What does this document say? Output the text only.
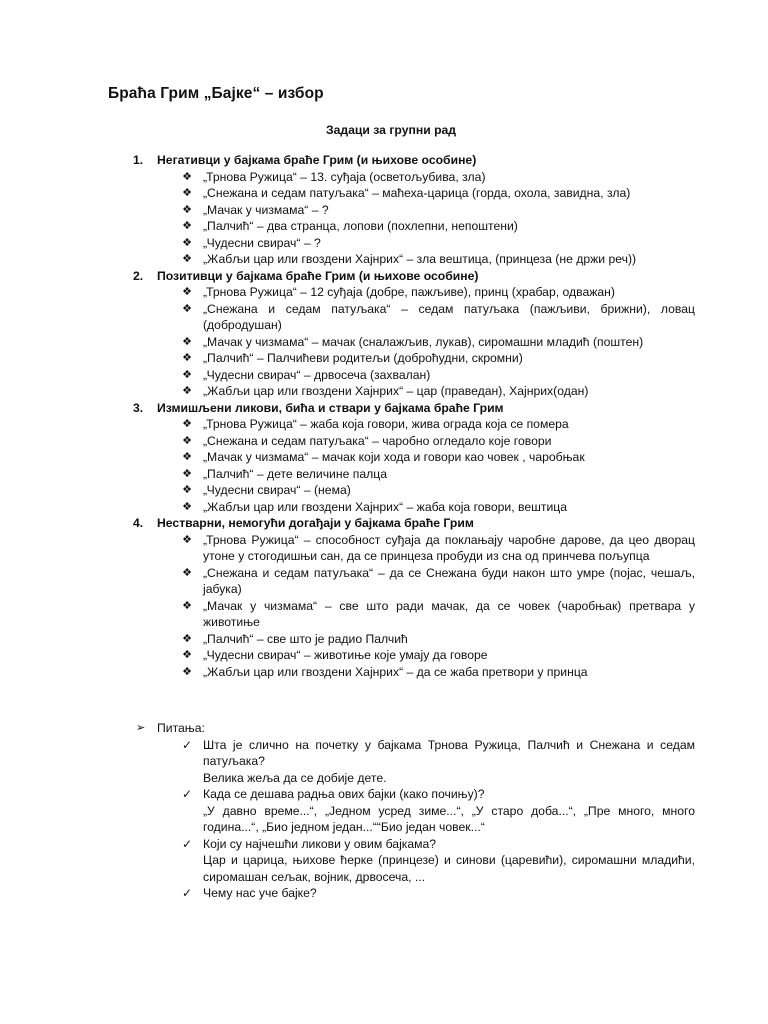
Браћа Грим „Бајке“ – избор
Задаци за групни рад
1. Негативци у бајкама браће Грим (и њихове особине)
❖ „Трнова Ружица“ – 13. суђаја (осветољубива, зла)
❖ „Снежана и седам патуљака“ – маћеха-царица (горда, охола, завидна, зла)
❖ „Мачак у чизмама“ – ?
❖ „Палчић“ – два странца, лопови (похлепни, непоштени)
❖ „Чудесни свирач“ – ?
❖ „Жабљи цар или гвоздени Хајнрих“ – зла вештица, (принцеза (не држи реч))
2. Позитивци у бајкама браће Грим (и њихове особине)
❖ „Трнова Ружица“ – 12 суђаја (добре, пажљиве), принц (храбар, одважан)
❖ „Снежана и седам патуљака“ – седам патуљака (пажљиви, брижни), ловац (добродушан)
❖ „Мачак у чизмама“ – мачак (сналажљив, лукав), сиромашни младић (поштен)
❖ „Палчић“ – Палчићеви родитељи (доброћудни, скромни)
❖ „Чудесни свирач“ – дрвосеча (захвалан)
❖ „Жабљи цар или гвоздени Хајнрих“ – цар (праведан), Хајнрих(одан)
3. Измишљени ликови, бића и ствари у бајкама браће Грим
❖ „Трнова Ружица“ – жаба која говори, жива ограда која се помера
❖ „Снежана и седам патуљака“ – чаробно огледало које говори
❖ „Мачак у чизмама“ – мачак који хода и говори као човек , чаробњак
❖ „Палчић“ – дете величине палца
❖ „Чудесни свирач“ – (нема)
❖ „Жабљи цар или гвоздени Хајнрих“ – жаба која говори, вештица
4. Нестварни, немогући догађаји у бајкама браће Грим
❖ „Трнова Ружица“ – способност суђаја да поклањају чаробне дарове, да цео дворац утоне у стогодишњи сан, да се принцеза пробуди из сна од принчева пољупца
❖ „Снежана и седам патуљака“ – да се Снежана буди након што умре (појас, чешаљ, јабука)
❖ „Мачак у чизмама“ – све што ради мачак, да се човек (чаробњак) претвара у животиње
❖ „Палчић“ – све што је радио Палчић
❖ „Чудесни свирач“ – животиње које умају да говоре
❖ „Жабљи цар или гвоздени Хајнрих“ – да се жаба претвори у принца
➢ Питања:
✓ Шта је слично на почетку у бајкама Трнова Ружица, Палчић и Снежана и седам патуљака?
Велика жеља да се добије дете.
✓ Када се дешава радња ових бајки (како почињу)?
„У давно време...“, „Једном усред зиме...“, „У старо доба...“, „Пре много, много година...“, „Био једном један...““Био један човек...“
✓ Који су најчешћи ликови у овим бајкама?
Цар и царица, њихове ћерке (принцезе) и синови (царевићи), сиромашни младићи, сиромашан сељак, војник, дрвосеча, ...
✓ Чему нас уче бајке?
